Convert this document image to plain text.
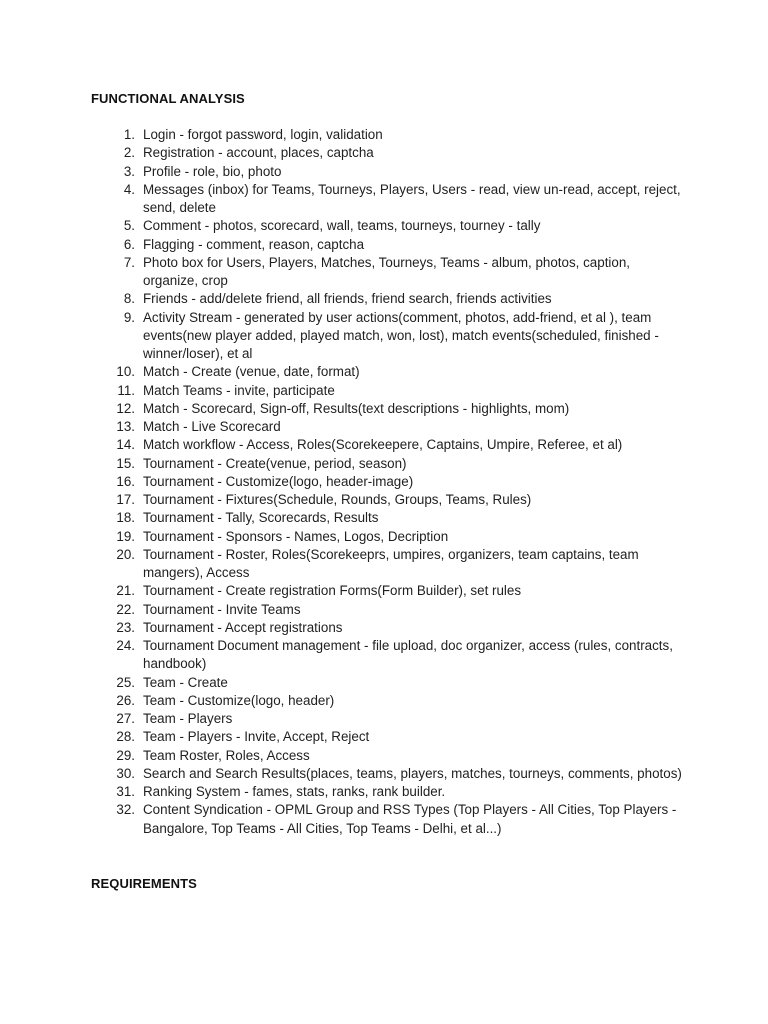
FUNCTIONAL ANALYSIS
1. Login - forgot password, login, validation
2. Registration - account, places, captcha
3. Profile - role, bio, photo
4. Messages (inbox) for Teams, Tourneys, Players, Users - read, view un-read, accept, reject, send, delete
5. Comment - photos, scorecard, wall, teams, tourneys, tourney - tally
6. Flagging - comment, reason, captcha
7. Photo box for Users, Players, Matches, Tourneys, Teams - album, photos, caption, organize, crop
8. Friends - add/delete friend, all friends, friend search, friends activities
9. Activity Stream - generated by user actions(comment, photos, add-friend, et al ), team events(new player added, played match, won, lost), match events(scheduled, finished - winner/loser), et al
10. Match - Create (venue, date, format)
11. Match Teams - invite, participate
12. Match - Scorecard, Sign-off, Results(text descriptions - highlights, mom)
13. Match - Live Scorecard
14. Match workflow - Access, Roles(Scorekeepere, Captains, Umpire, Referee, et al)
15. Tournament - Create(venue, period, season)
16. Tournament - Customize(logo, header-image)
17. Tournament - Fixtures(Schedule, Rounds, Groups, Teams, Rules)
18. Tournament - Tally, Scorecards, Results
19. Tournament - Sponsors - Names, Logos, Decription
20. Tournament - Roster, Roles(Scorekeeprs, umpires, organizers, team captains, team mangers), Access
21. Tournament - Create registration Forms(Form Builder), set rules
22. Tournament - Invite Teams
23. Tournament - Accept registrations
24. Tournament Document management - file upload, doc organizer, access (rules, contracts, handbook)
25. Team - Create
26. Team - Customize(logo, header)
27. Team - Players
28. Team - Players - Invite, Accept, Reject
29. Team Roster, Roles, Access
30. Search and Search Results(places, teams, players, matches, tourneys, comments, photos)
31. Ranking System - fames, stats, ranks, rank builder.
32. Content Syndication - OPML Group and RSS Types (Top Players - All Cities, Top Players - Bangalore, Top Teams - All Cities, Top Teams - Delhi, et al...)
REQUIREMENTS
